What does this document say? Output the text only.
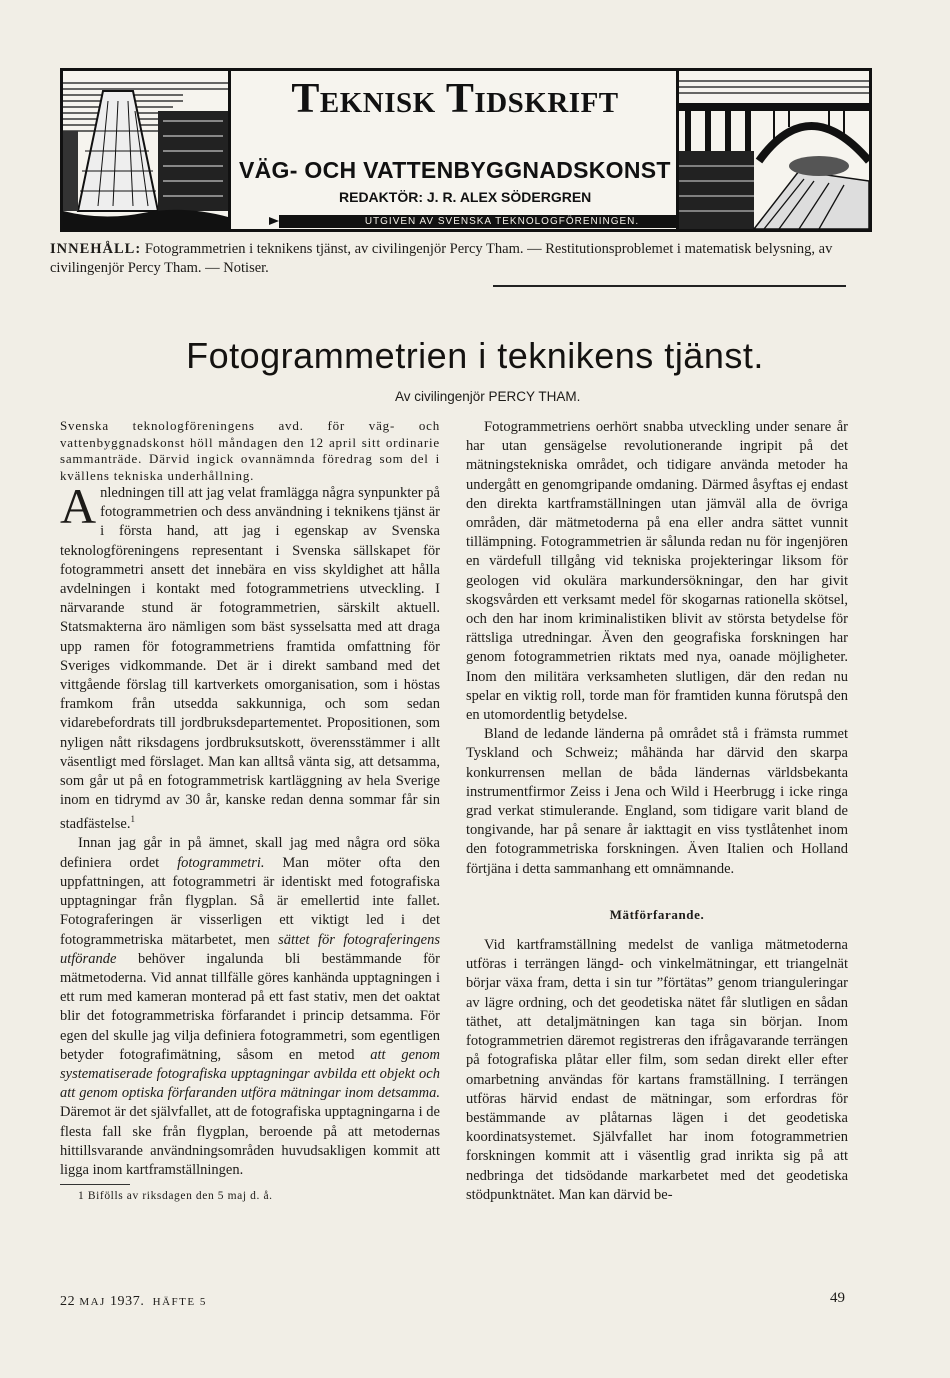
Teknisk Tidskrift
VÄG- OCH VATTENBYGGNADSKONST
REDAKTÖR: J. R. ALEX SÖDERGREN
UTGIVEN AV SVENSKA TEKNOLOGFÖRENINGEN.
INNEHÅLL: Fotogrammetrien i teknikens tjänst, av civilingenjör Percy Tham. — Restitutionsproblemet i matematisk belysning, av civilingenjör Percy Tham. — Notiser.
Fotogrammetrien i teknikens tjänst.
Av civilingenjör PERCY THAM.

Svenska teknologföreningens avd. för väg- och vattenbyggnadskonst höll måndagen den 12 april sitt ordinarie sammanträde. Därvid ingick ovannämnda föredrag som del i kvällens tekniska underhållning.

Anledningen till att jag velat framlägga några synpunkter på fotogrammetrien och dess användning i teknikens tjänst är i första hand, att jag i egenskap av Svenska teknologföreningens representant i Svenska sällskapet för fotogrammetri ansett det innebära en viss skyldighet att hålla avdelningen i kontakt med fotogrammetriens utveckling. I närvarande stund är fotogrammetrien, särskilt aktuell. Statsmakterna äro nämligen som bäst sysselsatta med att draga upp ramen för fotogrammetriens framtida omfattning för Sveriges vidkommande. Det är i direkt samband med det vittgående förslag till kartverkets omorganisation, som i höstas framkom från utsedda sakkunniga, och som sedan vidarebefordrats till jordbruksdepartementet. Propositionen, som nyligen nått riksdagens jordbruksutskott, överensstämmer i allt väsentligt med förslaget. Man kan alltså vänta sig, att detsamma, som går ut på en fotogrammetrisk kartläggning av hela Sverige inom en tidrymd av 30 år, kanske redan denna sommar får sin stadfästelse.$^1$

Innan jag går in på ämnet, skall jag med några ord söka definiera ordet fotogrammetri. Man möter ofta den uppfattningen, att fotogrammetri är identiskt med fotografiska upptagningar från flygplan. Så är emellertid inte fallet. Fotograferingen är visserligen ett viktigt led i det fotogrammetriska mätarbetet, men sättet för fotograferingens utförande behöver ingalunda bli bestämmande för mätmetoderna. Vid annat tillfälle göres kanhända upptagningen i ett rum med kameran monterad på ett fast stativ, men det oaktat blir det fotogrammetriska förfarandet i princip detsamma. För egen del skulle jag vilja definiera fotogrammetri, som egentligen betyder fotografimätning, såsom en metod att genom systematiserade fotografiska upptagningar avbilda ett objekt och att genom optiska förfaranden utföra mätningar inom detsamma. Däremot är det självfallet, att de fotografiska upptagningarna i de flesta fall ske från flygplan, beroende på att metodernas hittillsvarande användningsområden huvudsakligen kommit att ligga inom kartframställningen.

1 Bifölls av riksdagen den 5 maj d. å.

Fotogrammetriens oerhört snabba utveckling under senare år har utan gensägelse revolutionerande ingripit på det mätningstekniska området, och tidigare använda metoder ha undergått en genomgripande omdaning. Därmed åsyftas ej endast den direkta kartframställningen utan jämväl alla de övriga områden, där mätmetoderna på ena eller andra sättet vunnit tillämpning. Fotogrammetrien är sålunda redan nu för ingenjören en värdefull tillgång vid tekniska projekteringar liksom för geologen vid okulära markundersökningar, den har givit skogsvården ett verksamt medel för skogarnas rationella skötsel, och den har inom kriminalistiken blivit av största betydelse för rättsliga utredningar. Även den geografiska forskningen har genom fotogrammetrien riktats med nya, oanade möjligheter. Inom den militära verksamheten slutligen, där den redan nu spelar en viktig roll, torde man för framtiden kunna förutspå den en utomordentlig betydelse.

Bland de ledande länderna på området stå i främsta rummet Tyskland och Schweiz; måhända har därvid den skarpa konkurrensen mellan de båda ländernas världsbekanta instrumentfirmor Zeiss i Jena och Wild i Heerbrugg i icke ringa grad verkat stimulerande. England, som tidigare varit bland de tongivande, har på senare år iakttagit en viss tystlåtenhet inom den fotogrammetriska forskningen. Även Italien och Holland förtjäna i detta sammanhang ett omnämnande.

Mätförfarande.

Vid kartframställning medelst de vanliga mätmetoderna utföras i terrängen längd- och vinkelmätningar, ett triangelnät börjar växa fram, detta i sin tur ”förtätas” genom trianguleringar av lägre ordning, och det geodetiska nätet får slutligen en sådan täthet, att detaljmätningen kan taga sin början. Inom fotogrammetrien däremot registreras den ifrågavarande terrängen på fotografiska plåtar eller film, som sedan direkt eller efter omarbetning användas för kartans framställning. I terrängen utföras härvid endast de mätningar, som erfordras för bestämmande av plåtarnas lägen i det geodetiska koordinatsystemet. Självfallet har inom fotogrammetrien forskningen kommit att i väsentlig grad inrikta sig på att nedbringa det tidsödande markarbetet med det geodetiska stödpunktnätet. Man kan därvid be-

22 MAJ 1937. HÄFTE 5	49
